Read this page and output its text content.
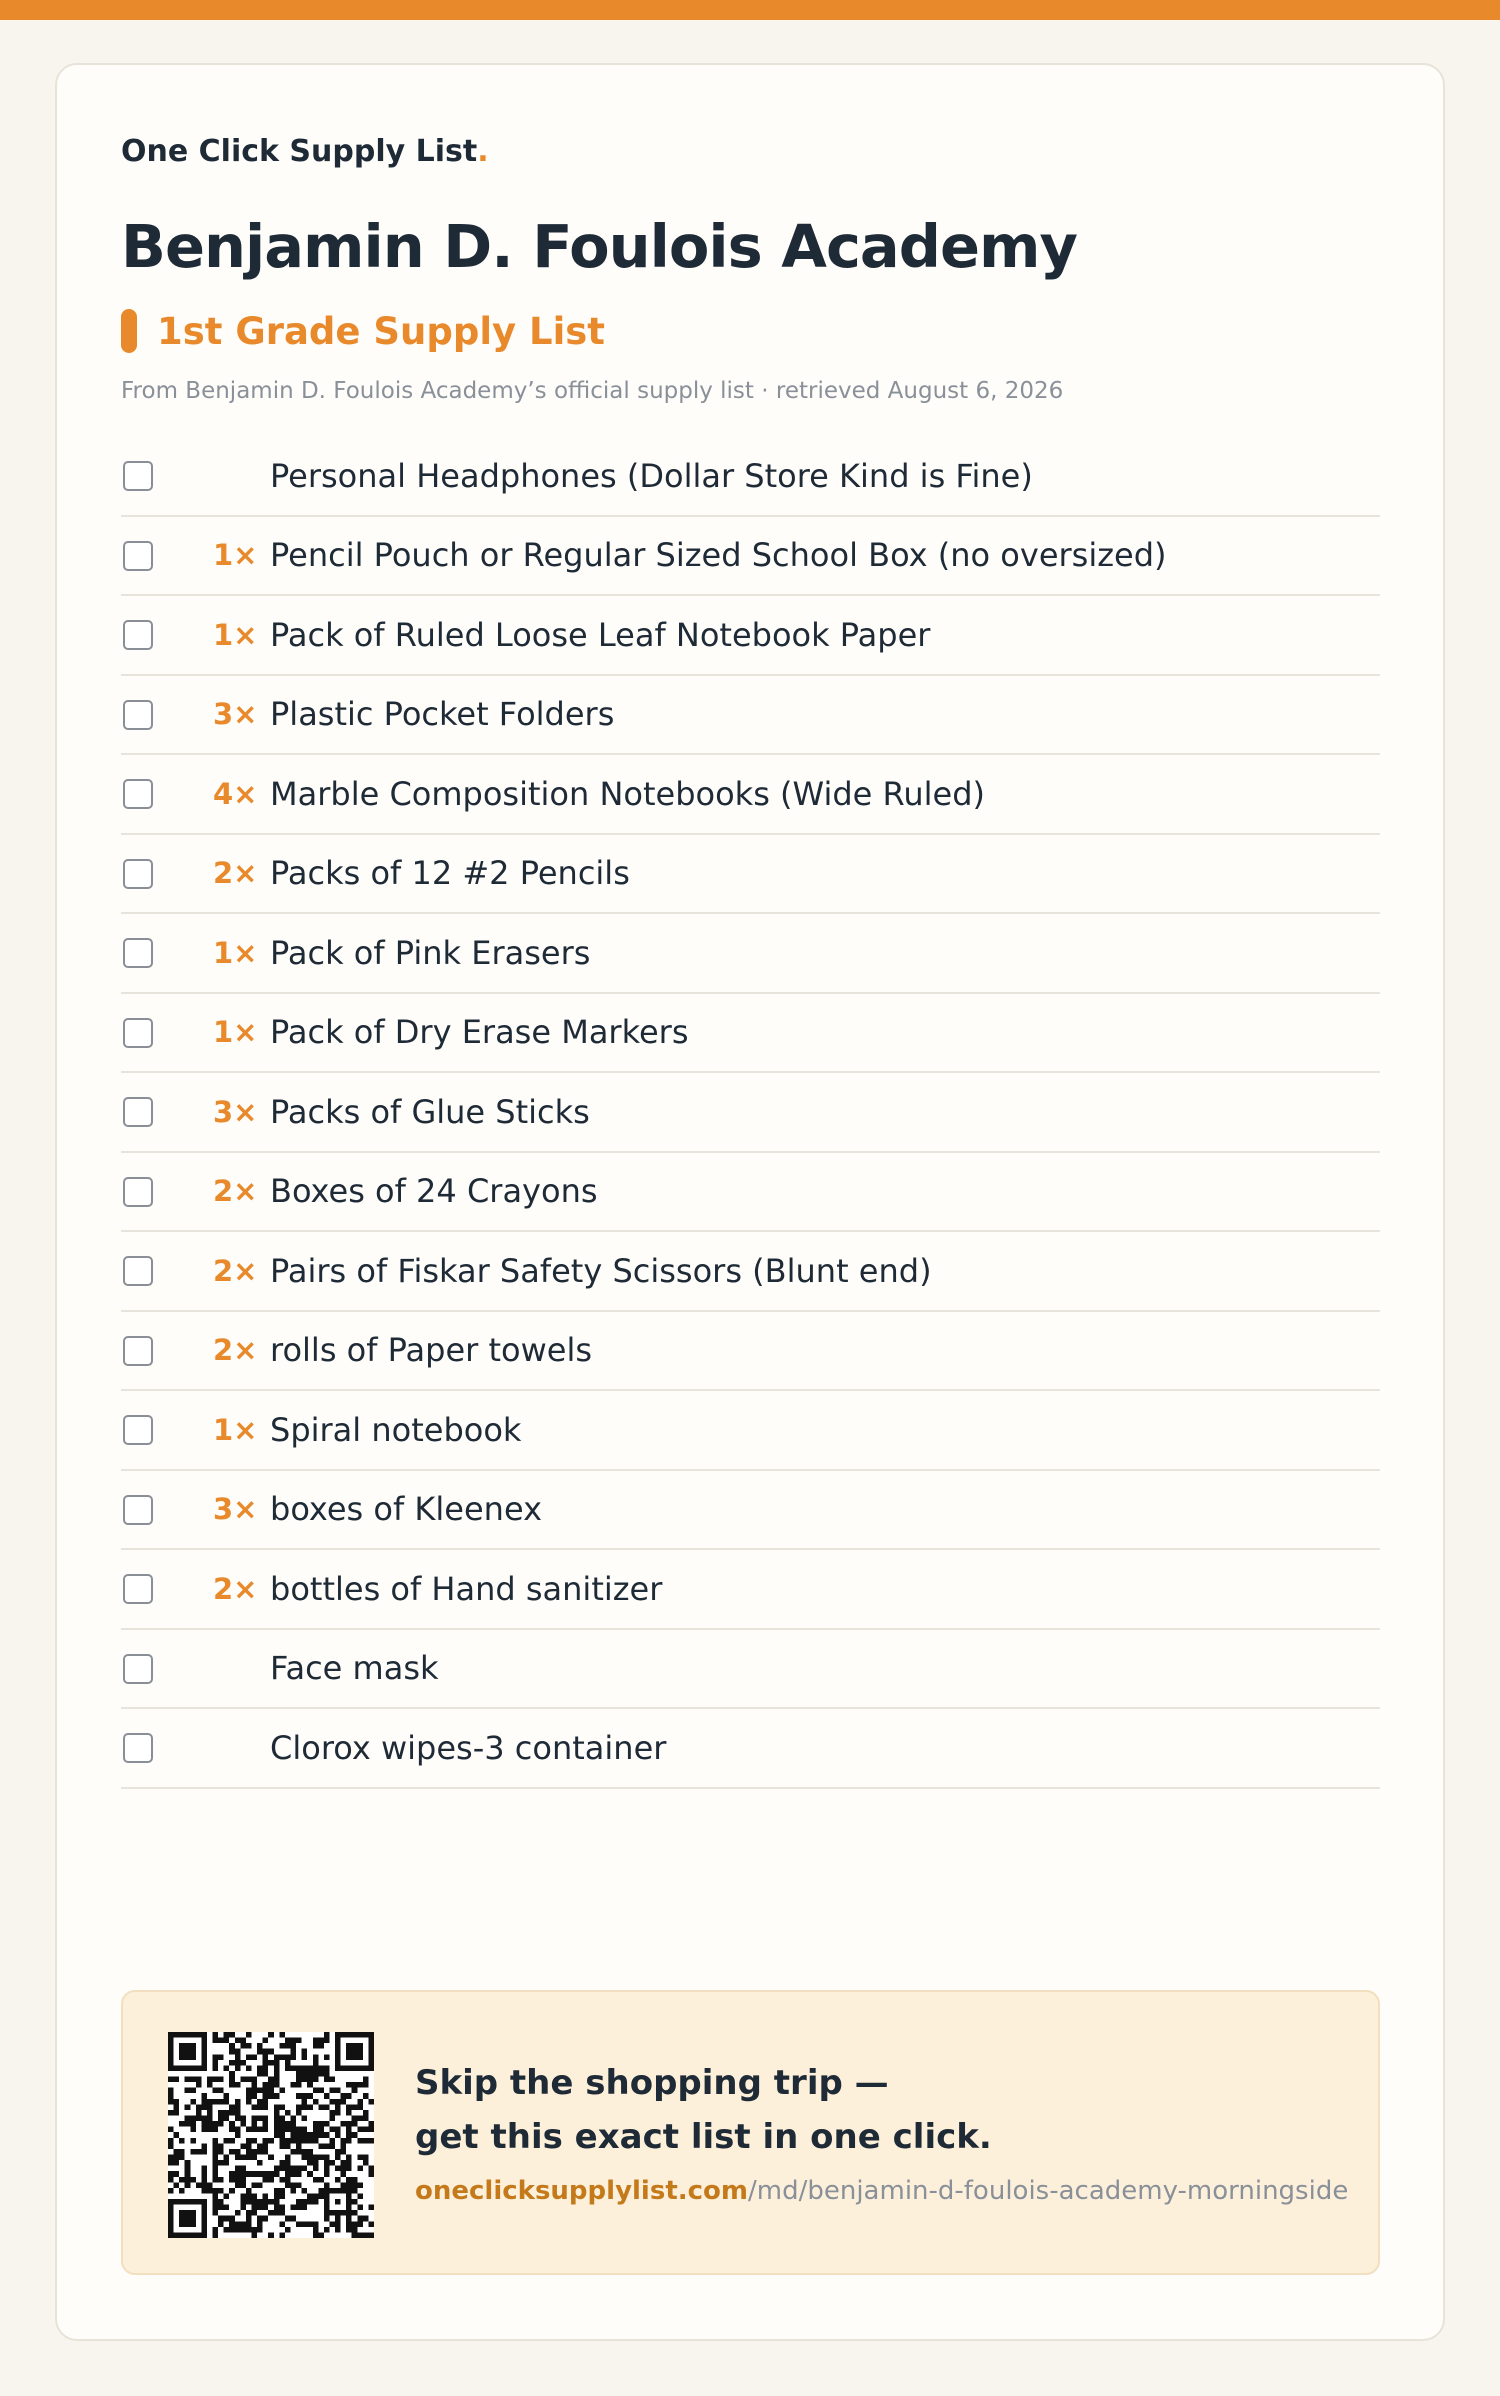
One Click Supply List.
Benjamin D. Foulois Academy
1st Grade Supply List

From Benjamin D. Foulois Academy’s official supply list · retrieved August 6, 2026

Personal Headphones (Dollar Store Kind is Fine)
1× Pencil Pouch or Regular Sized School Box (no oversized)
1× Pack of Ruled Loose Leaf Notebook Paper
3× Plastic Pocket Folders
4× Marble Composition Notebooks (Wide Ruled)
2× Packs of 12 #2 Pencils
1× Pack of Pink Erasers
1× Pack of Dry Erase Markers
3× Packs of Glue Sticks
2× Boxes of 24 Crayons
2× Pairs of Fiskar Safety Scissors (Blunt end)
2× rolls of Paper towels
1× Spiral notebook
3× boxes of Kleenex
2× bottles of Hand sanitizer
Face mask
Clorox wipes-3 container
Skip the shopping trip —
get this exact list in one click.
oneclicksupplylist.com/md/benjamin-d-foulois-academy-morningside
